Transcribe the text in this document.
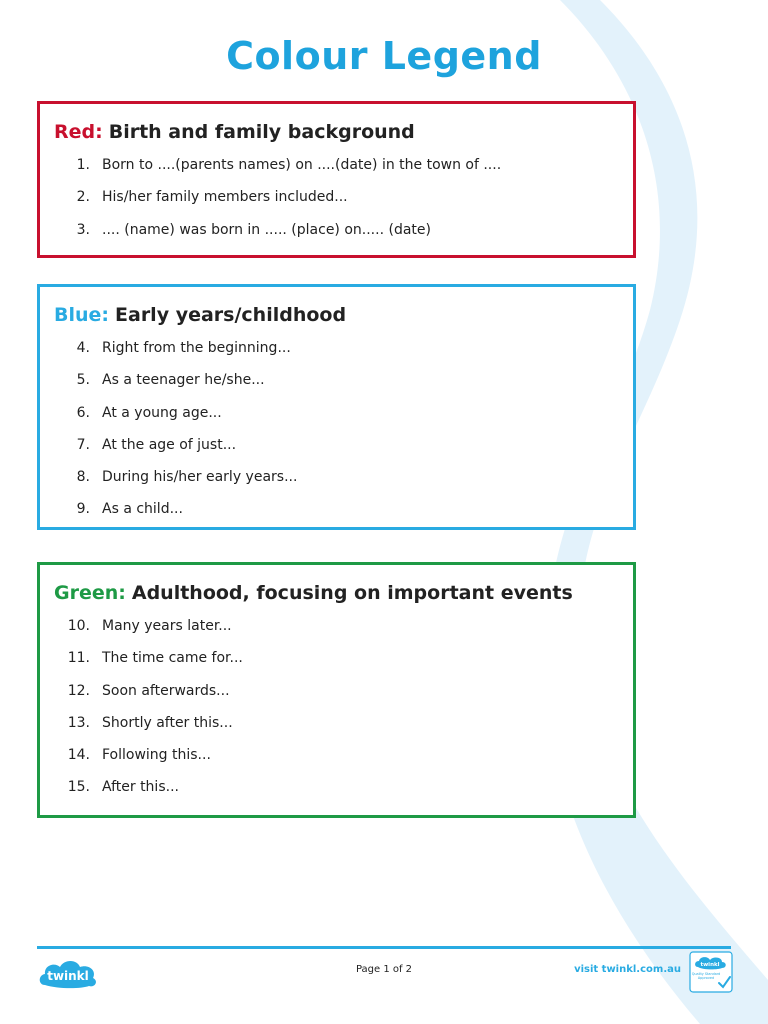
Colour Legend
Red: Birth and family background
1. Born to ....(parents names) on ....(date) in the town of ....
2. His/her family members included...
3. .... (name) was born in ..... (place) on..... (date)
Blue: Early years/childhood
4. Right from the beginning...
5. As a teenager he/she...
6. At a young age...
7. At the age of just...
8. During his/her early years...
9. As a child...
Green: Adulthood, focusing on important events
10. Many years later...
11. The time came for...
12. Soon afterwards...
13. Shortly after this...
14. Following this...
15. After this...
twinkl	Page 1 of 2	visit twinkl.com.au	twinkl
Quality Standard Approved
